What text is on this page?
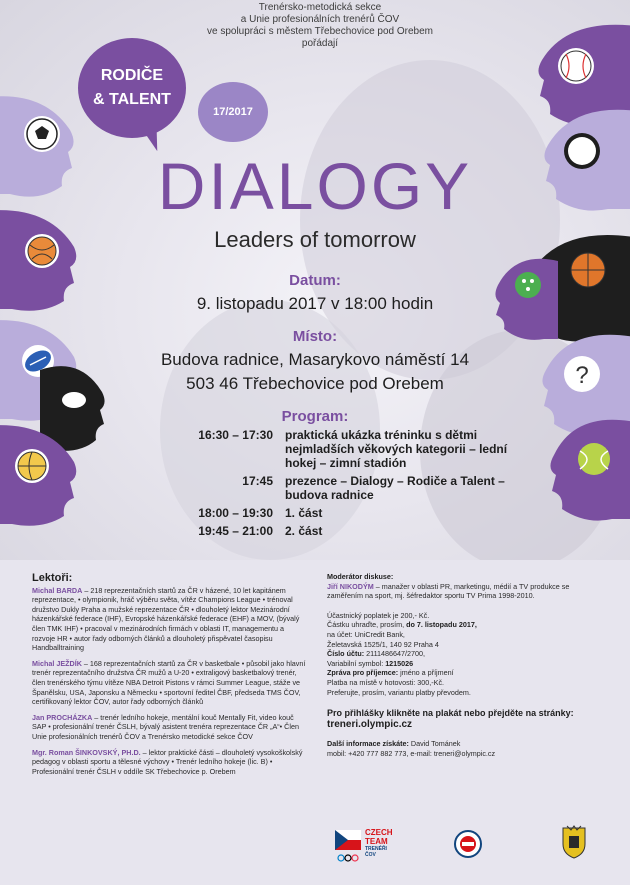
?
RODIČE
& TALENT
17/2017
Trenérsko-metodická sekce
a Unie profesionálních trenérů ČOV
ve spolupráci s městem Třebechovice pod Orebem
pořádají
DIALOGY
Leaders of tomorrow
Datum:
9. listopadu 2017 v 18:00 hodin
Místo:
Budova radnice, Masarykovo náměstí 14
503 46 Třebechovice pod Orebem
Program:
16:30 – 17:30	praktická ukázka tréninku s dětmi nejmladších věkových kategorii – lední hokej – zimní stadión
17:45	prezence – Dialogy – Rodiče a Talent – budova radnice
18:00 – 19:30	1. část
19:45 – 21:00	2. část
Lektoři:
Michal BARDA – 218 reprezentačních startů za ČR v házené, 10 let kapitánem reprezentace, • olympionik, hráč výběru světa, vítěz Champions League • trénoval družstvo Dukly Praha a mužské reprezentace ČR • dlouholetý lektor Mezinárodní házenkářské federace (IHF), Evropské házenkářské federace (EHF) a MOV, (bývalý člen TMK IHF) • pracoval v mezinárodních firmách v oblasti IT, managementu a rozvoje HR • autor řady odborných článků a dlouholetý přispěvatel časopisu Handballtraining
Michal JEŽDÍK – 168 reprezentačních startů za ČR v basketbale • působil jako hlavní trenér reprezentačního družstva ČR mužů a U-20 • extraligový basketbalový trenér, člen trenérského týmu vítěze NBA Detroit Pistons v rámci Summer League, stáže ve Španělsku, USA, Japonsku a Německu • sportovní ředitel ČBF, předseda TMS ČOV, certifikovaný lektor ČOV, autor řady odborných článků
Jan PROCHÁZKA – trenér ledního hokeje, mentální kouč Mentally Fit, video kouč SAP • profesionální trenér ČSLH, bývalý asistent trenéra reprezentace ČR „A“• Člen Unie profesionálních trenérů ČOV a Trenérsko metodické sekce ČOV
Mgr. Roman ŠINKOVSKÝ, PH.D. – lektor praktické části – dlouholetý vysokoškolský pedagog v oblasti sportu a tělesné výchovy • Trenér ledního hokeje (lic. B) • Profesionální trenér ČSLH v oddíle SK Třebechovice p. Orebem
Moderátor diskuse:
Jiří NIKODÝM – manažer v oblasti PR, marketingu, médií a TV produkce se zaměřením na sport, mj. šéfredaktor sportu TV Prima 1998-2010.
Účastnický poplatek je 200,- Kč.
Částku uhraďte, prosím, do 7. listopadu 2017,
na účet: UniCredit Bank,
Želetavská 1525/1, 140 92 Praha 4
Číslo účtu: 2111486647/2700,
Variabilní symbol: 1215026
Zpráva pro příjemce: jméno a příjmení
Platba na místě v hotovosti: 300,-Kč.
Preferujte, prosím, variantu platby převodem.
Pro přihlášky klikněte na plakát nebo přejděte na stránky:
treneri.olympic.cz
Další informace získáte: David Tománek
mobil: +420 777 882 773, e-mail: treneri@olympic.cz
CZECH
TEAM
TRENÉŘI
ČOV
